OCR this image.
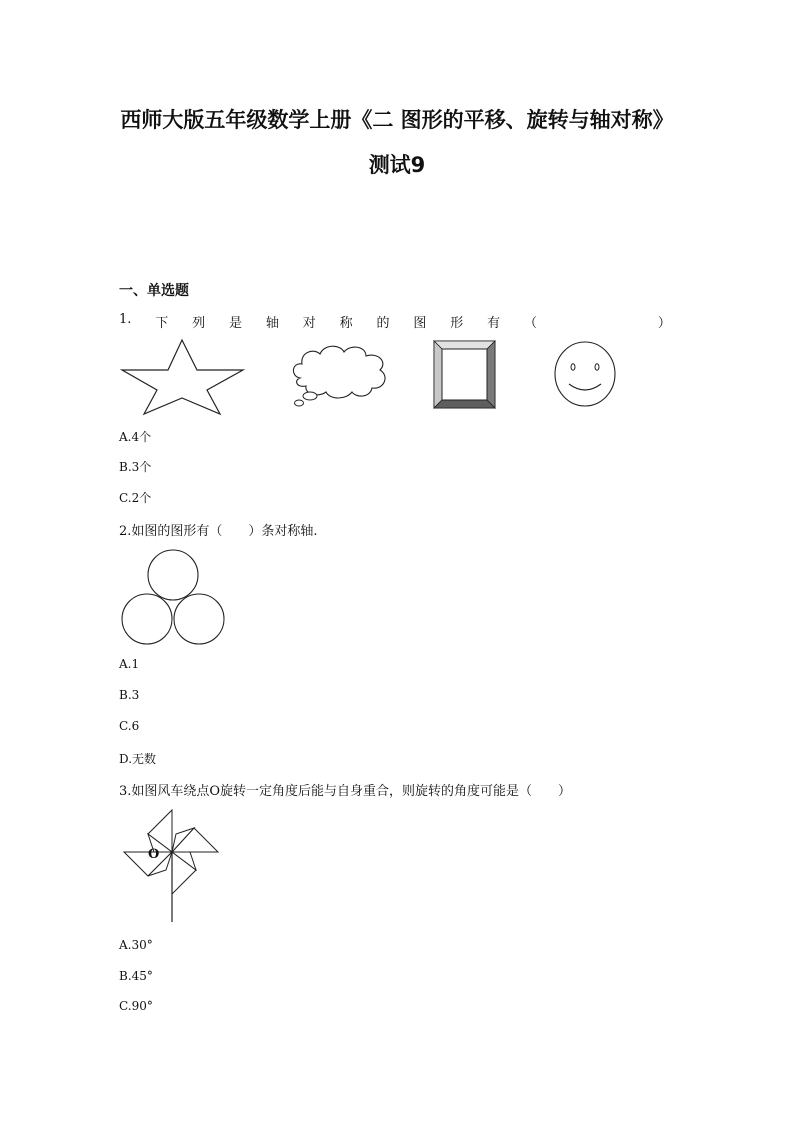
西师大版五年级数学上册《二 图形的平移、旋转与轴对称》
测试9
一、单选题
1. 下 列 是 轴 对 称 的 图 形 有 （	）
A.4个
B.3个
C.2个
2.如图的图形有（　　）条对称轴.
A.1
B.3
C.6
D.无数
3.如图风车绕点O旋转一定角度后能与自身重合，则旋转的角度可能是（　　）
O
A.30°
B.45°
C.90°
